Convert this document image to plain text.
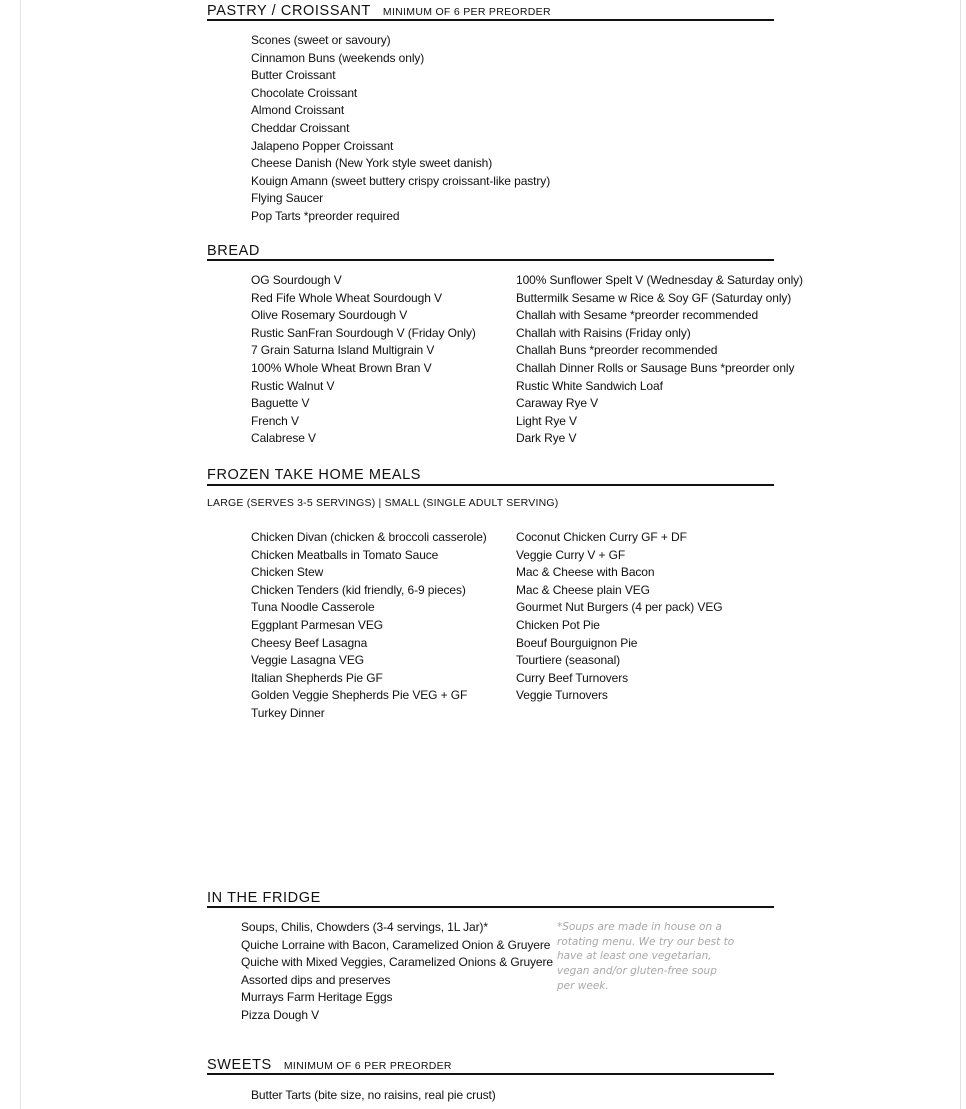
PASTRY / CROISSANT MINIMUM OF 6 PER PREORDER
Scones (sweet or savoury)
Cinnamon Buns (weekends only)
Butter Croissant
Chocolate Croissant
Almond Croissant
Cheddar Croissant
Jalapeno Popper Croissant
Cheese Danish (New York style sweet danish)
Kouign Amann (sweet buttery crispy croissant-like pastry)
Flying Saucer
Pop Tarts *preorder required
BREAD
OG Sourdough V
Red Fife Whole Wheat Sourdough V
Olive Rosemary Sourdough V
Rustic SanFran Sourdough V (Friday Only)
7 Grain Saturna Island Multigrain V
100% Whole Wheat Brown Bran V
Rustic Walnut V
Baguette V
French V
Calabrese V
100% Sunflower Spelt V (Wednesday & Saturday only)
Buttermilk Sesame w Rice & Soy GF (Saturday only)
Challah with Sesame *preorder recommended
Challah with Raisins (Friday only)
Challah Buns *preorder recommended
Challah Dinner Rolls or Sausage Buns *preorder only
Rustic White Sandwich Loaf
Caraway Rye V
Light Rye V
Dark Rye V
FROZEN TAKE HOME MEALS
LARGE (SERVES 3-5 SERVINGS) | SMALL (SINGLE ADULT SERVING)
Chicken Divan (chicken & broccoli casserole)
Chicken Meatballs in Tomato Sauce
Chicken Stew
Chicken Tenders (kid friendly, 6-9 pieces)
Tuna Noodle Casserole
Eggplant Parmesan VEG
Cheesy Beef Lasagna
Veggie Lasagna VEG
Italian Shepherds Pie GF
Golden Veggie Shepherds Pie VEG + GF
Turkey Dinner
Coconut Chicken Curry GF + DF
Veggie Curry V + GF
Mac & Cheese with Bacon
Mac & Cheese plain VEG
Gourmet Nut Burgers (4 per pack) VEG
Chicken Pot Pie
Boeuf Bourguignon Pie
Tourtiere (seasonal)
Curry Beef Turnovers
Veggie Turnovers
IN THE FRIDGE
Soups, Chilis, Chowders (3-4 servings, 1L Jar)*
Quiche Lorraine with Bacon, Caramelized Onion & Gruyere
Quiche with Mixed Veggies, Caramelized Onions & Gruyere
Assorted dips and preserves
Murrays Farm Heritage Eggs
Pizza Dough V
*Soups are made in house on a rotating menu. We try our best to have at least one vegetarian, vegan and/or gluten-free soup per week.
SWEETS MINIMUM OF 6 PER PREORDER
Butter Tarts (bite size, no raisins, real pie crust)
